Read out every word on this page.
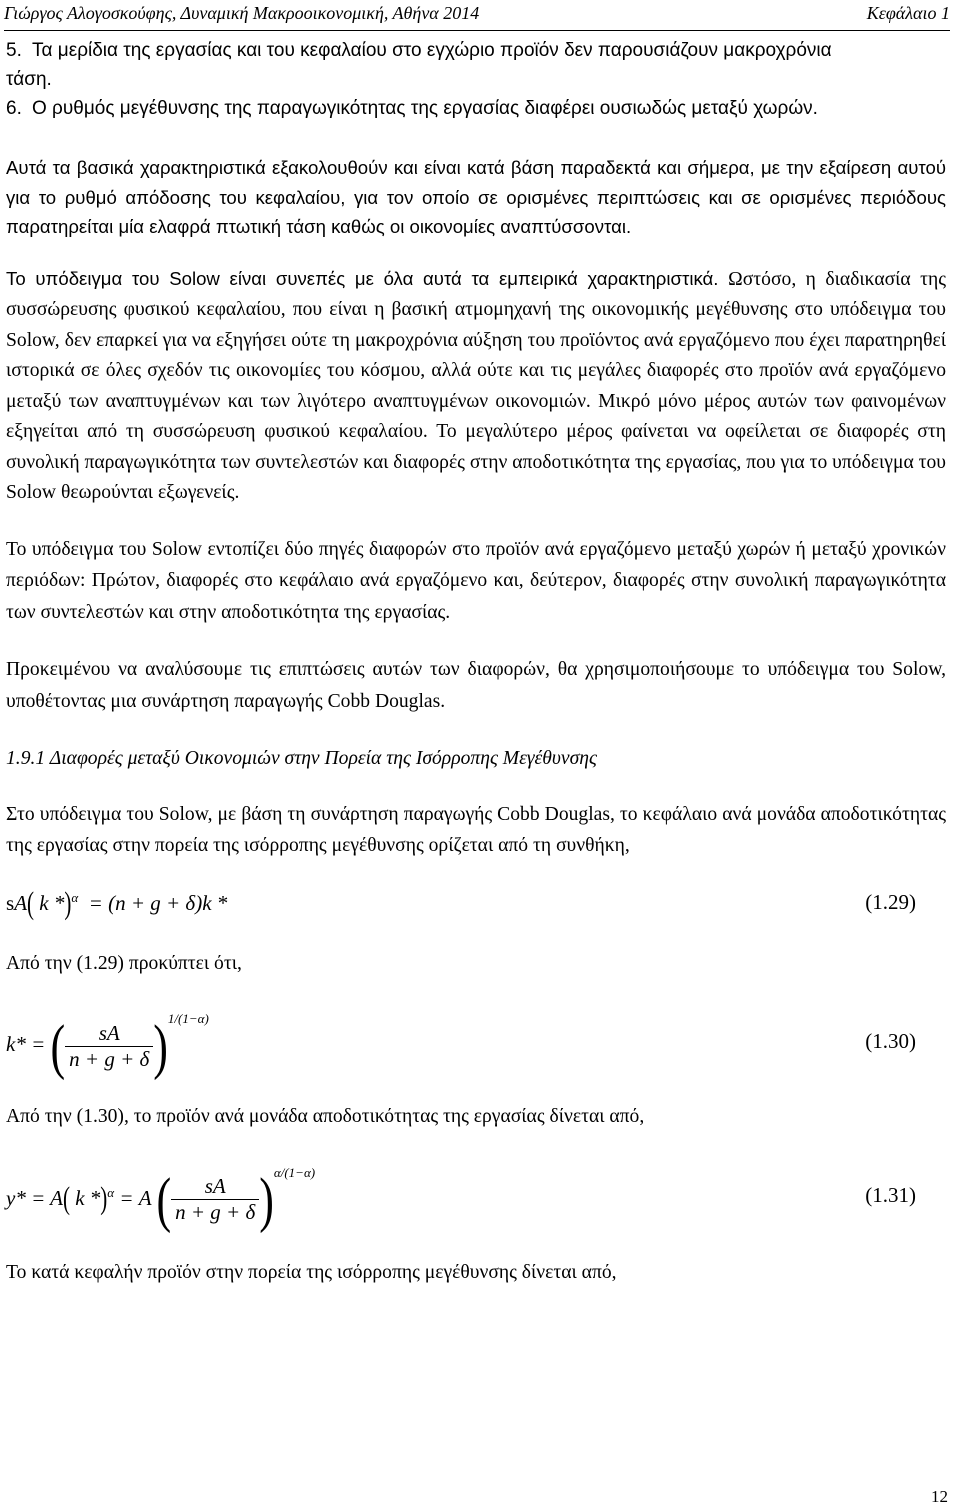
Γιώργος Αλογοσκούφης, Δυναμική Μακροοικονομική, Αθήνα 2014	Κεφάλαιο 1
5. Τα μερίδια της εργασίας και του κεφαλαίου στο εγχώριο προϊόν δεν παρουσιάζουν μακροχρόνια
τάση.
6. Ο ρυθμός μεγέθυνσης της παραγωγικότητας της εργασίας διαφέρει ουσιωδώς μεταξύ χωρών.

Αυτά τα βασικά χαρακτηριστικά εξακολουθούν και είναι κατά βάση παραδεκτά και σήμερα, με την εξαίρεση αυτού για το ρυθμό απόδοσης του κεφαλαίου, για τον οποίο σε ορισμένες περιπτώσεις και σε ορισμένες περιόδους παρατηρείται μία ελαφρά πτωτική τάση καθώς οι οικονομίες αναπτύσσονται.

Το υπόδειγμα του Solow είναι συνεπές με όλα αυτά τα εμπειρικά χαρακτηριστικά. Ωστόσο, η διαδικασία της συσσώρευσης φυσικού κεφαλαίου, που είναι η βασική ατμομηχανή της οικονομικής μεγέθυνσης στο υπόδειγμα του Solow, δεν επαρκεί για να εξηγήσει ούτε τη μακροχρόνια αύξηση του προϊόντος ανά εργαζόμενο που έχει παρατηρηθεί ιστορικά σε όλες σχεδόν τις οικονομίες του κόσμου, αλλά ούτε και τις μεγάλες διαφορές στο προϊόν ανά εργαζόμενο μεταξύ των αναπτυγμένων και των λιγότερο αναπτυγμένων οικονομιών. Μικρό μόνο μέρος αυτών των φαινομένων εξηγείται από τη συσσώρευση φυσικού κεφαλαίου. Το μεγαλύτερο μέρος φαίνεται να οφείλεται σε διαφορές στη συνολική παραγωγικότητα των συντελεστών και διαφορές στην αποδοτικότητα της εργασίας, που για το υπόδειγμα του Solow θεωρούνται εξωγενείς.

Το υπόδειγμα του Solow εντοπίζει δύο πηγές διαφορών στο προϊόν ανά εργαζόμενο μεταξύ χωρών ή μεταξύ χρονικών περιόδων: Πρώτον, διαφορές στο κεφάλαιο ανά εργαζόμενο και, δεύτερον, διαφορές στην συνολική παραγωγικότητα των συντελεστών και στην αποδοτικότητα της εργασίας.

Προκειμένου να αναλύσουμε τις επιπτώσεις αυτών των διαφορών, θα χρησιμοποιήσουμε το υπόδειγμα του Solow, υποθέτοντας μια συνάρτηση παραγωγής Cobb Douglas.

1.9.1 Διαφορές μεταξύ Οικονομιών στην Πορεία της Ισόρροπης Μεγέθυνσης

Στο υπόδειγμα του Solow, με βάση τη συνάρτηση παραγωγής Cobb Douglas, το κεφάλαιο ανά μονάδα αποδοτικότητας της εργασίας στην πορεία της ισόρροπης μεγέθυνσης ορίζεται από τη συνθήκη,

sA( k *)$^\alpha$  = (n + g + δ)k *	(1.29)

Από την (1.29) προκύπτει ότι,

k* = ( $\frac{sA}{n + g + \delta} )^{1/(1-\alpha)}$
(1.30)

Από την (1.30), το προϊόν ανά μονάδα αποδοτικότητας της εργασίας δίνεται από,

y* = A( k *)$^\alpha$ = A ( $\frac{sA}{n + g + \delta} )^{\alpha/(1-\alpha)}$
(1.31)

Το κατά κεφαλήν προϊόν στην πορεία της ισόρροπης μεγέθυνσης δίνεται από,

12
